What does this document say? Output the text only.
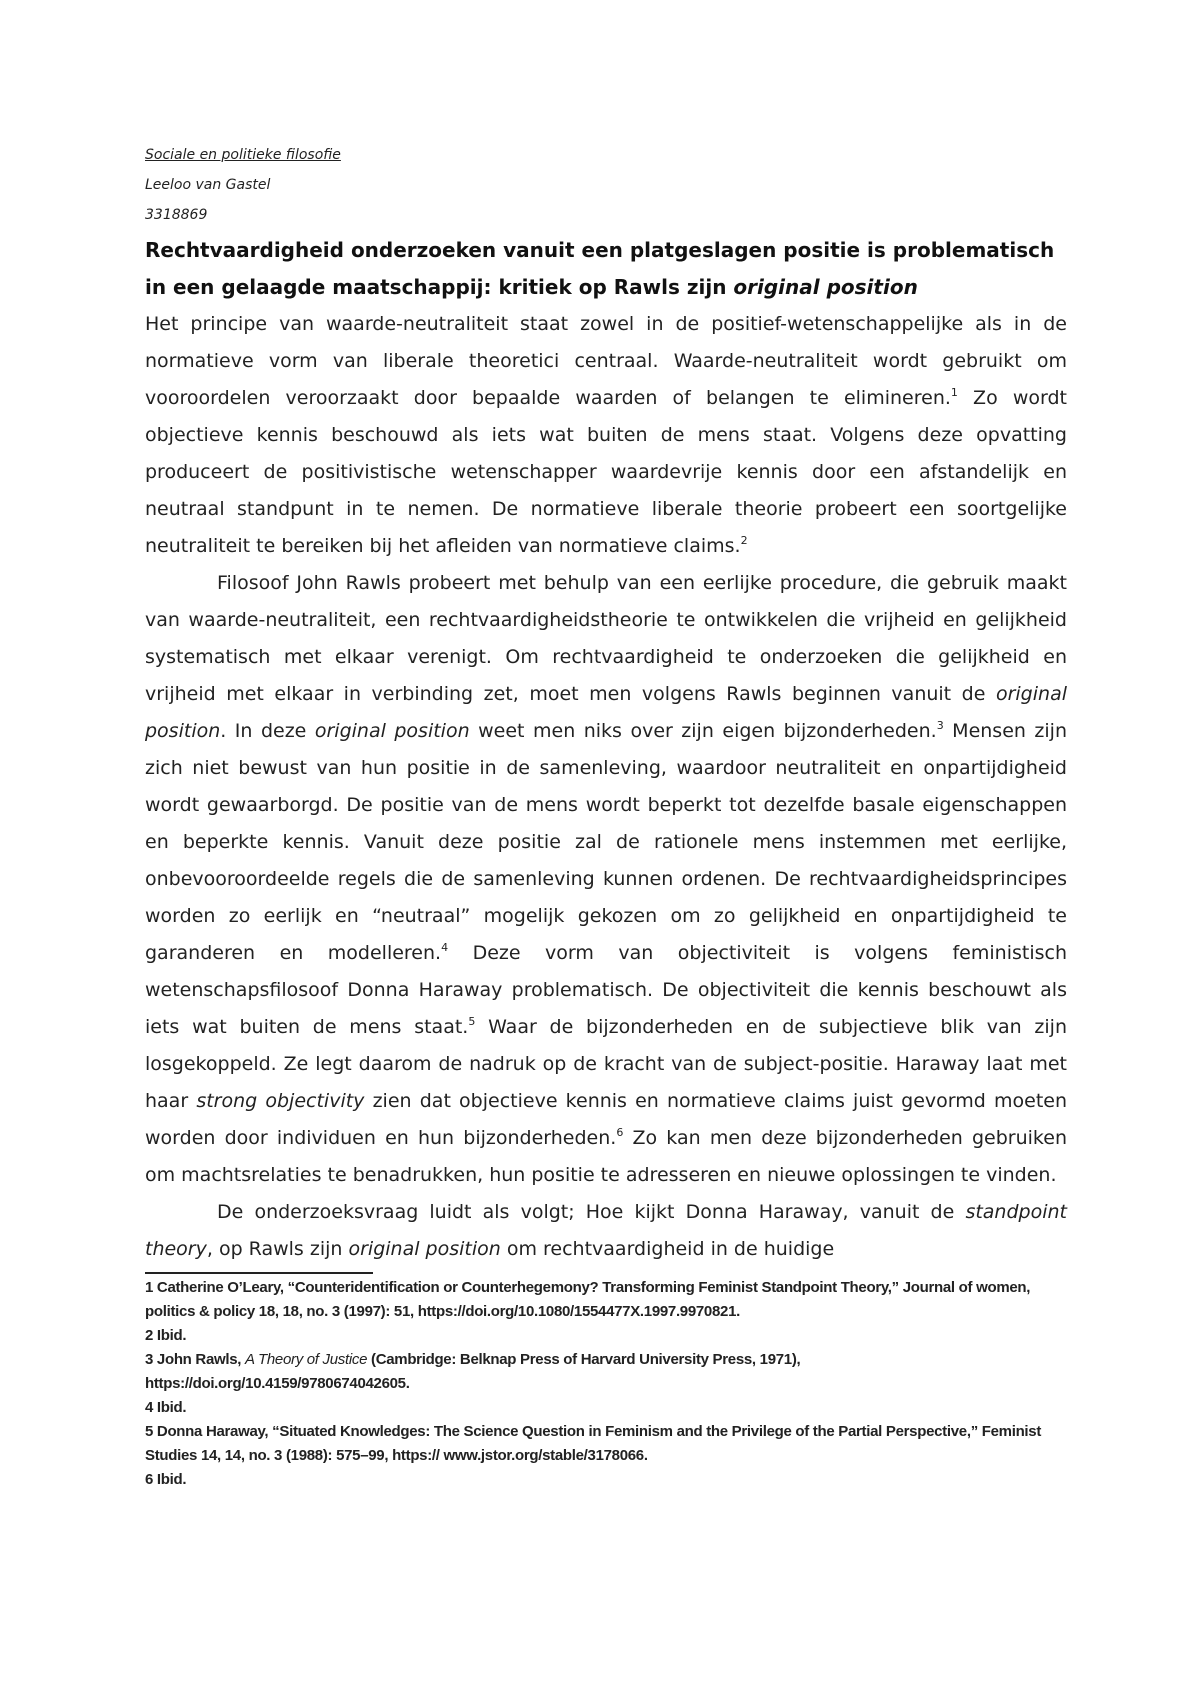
Sociale en politieke filosofie
Leeloo van Gastel
3318869
Rechtvaardigheid onderzoeken vanuit een platgeslagen positie is problematisch in een gelaagde maatschappij: kritiek op Rawls zijn original position

Het principe van waarde-neutraliteit staat zowel in de positief-wetenschappelijke als in de normatieve vorm van liberale theoretici centraal. Waarde-neutraliteit wordt gebruikt om vooroordelen veroorzaakt door bepaalde waarden of belangen te elimineren.$^1$ Zo wordt objectieve kennis beschouwd als iets wat buiten de mens staat. Volgens deze opvatting produceert de positivistische wetenschapper waardevrije kennis door een afstandelijk en neutraal standpunt in te nemen. De normatieve liberale theorie probeert een soortgelijke neutraliteit te bereiken bij het afleiden van normatieve claims.$^2$

Filosoof John Rawls probeert met behulp van een eerlijke procedure, die gebruik maakt van waarde-neutraliteit, een rechtvaardigheidstheorie te ontwikkelen die vrijheid en gelijkheid systematisch met elkaar verenigt. Om rechtvaardigheid te onderzoeken die gelijkheid en vrijheid met elkaar in verbinding zet, moet men volgens Rawls beginnen vanuit de original position. In deze original position weet men niks over zijn eigen bijzonderheden.$^3$ Mensen zijn zich niet bewust van hun positie in de samenleving, waardoor neutraliteit en onpartijdigheid wordt gewaarborgd. De positie van de mens wordt beperkt tot dezelfde basale eigenschappen en beperkte kennis. Vanuit deze positie zal de rationele mens instemmen met eerlijke, onbevooroordeelde regels die de samenleving kunnen ordenen. De rechtvaardigheidsprincipes worden zo eerlijk en “neutraal” mogelijk gekozen om zo gelijkheid en onpartijdigheid te garanderen en modelleren.$^4$ Deze vorm van objectiviteit is volgens feministisch wetenschapsfilosoof Donna Haraway problematisch. De objectiviteit die kennis beschouwt als iets wat buiten de mens staat.$^5$ Waar de bijzonderheden en de subjectieve blik van zijn losgekoppeld. Ze legt daarom de nadruk op de kracht van de subject-positie. Haraway laat met haar strong objectivity zien dat objectieve kennis en normatieve claims juist gevormd moeten worden door individuen en hun bijzonderheden.$^6$ Zo kan men deze bijzonderheden gebruiken om machtsrelaties te benadrukken, hun positie te adresseren en nieuwe oplossingen te vinden.

De onderzoeksvraag luidt als volgt; Hoe kijkt Donna Haraway, vanuit de standpoint theory, op Rawls zijn original position om rechtvaardigheid in de huidige

1 Catherine O’Leary, “Counteridentification or Counterhegemony? Transforming Feminist Standpoint Theory,” Journal of women, politics & policy 18, 18, no. 3 (1997): 51, https://doi.org/10.1080/1554477X.1997.9970821.
2 Ibid.
3 John Rawls, A Theory of Justice (Cambridge: Belknap Press of Harvard University Press, 1971), https://doi.org/10.4159/9780674042605.
4 Ibid.
5 Donna Haraway, “Situated Knowledges: The Science Question in Feminism and the Privilege of the Partial Perspective,” Feminist Studies 14, 14, no. 3 (1988): 575–99, https:// www.jstor.org/stable/3178066.
6 Ibid.
